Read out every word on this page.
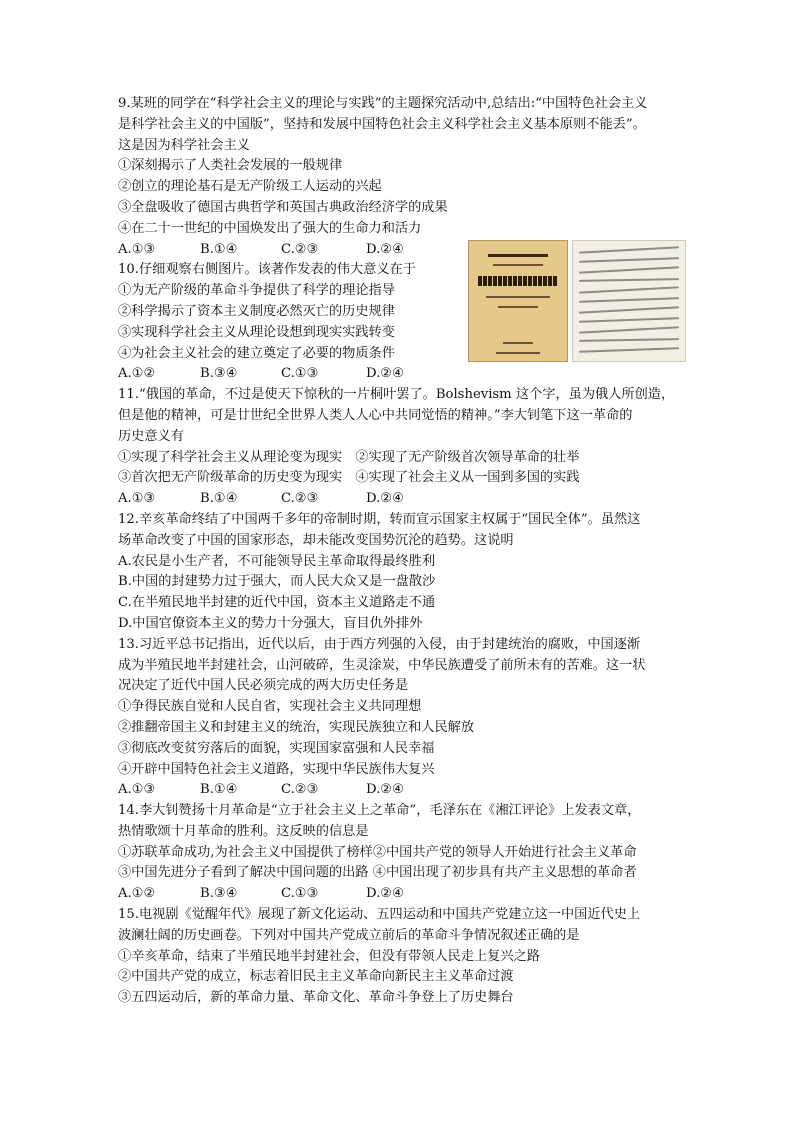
9.某班的同学在“科学社会主义的理论与实践”的主题探究活动中,总结出:“中国特色社会主义
是科学社会主义的中国版”，坚持和发展中国特色社会主义科学社会主义基本原则不能丢”。
这是因为科学社会主义
①深刻揭示了人类社会发展的一般规律
②创立的理论基石是无产阶级工人运动的兴起
③全盘吸收了德国古典哲学和英国古典政治经济学的成果
④在二十一世纪的中国焕发出了强大的生命力和活力
A.①③	B.①④	C.②③	D.②④
10.仔细观察右侧图片。该著作发表的伟大意义在于
①为无产阶级的革命斗争提供了科学的理论指导
②科学揭示了资本主义制度必然灭亡的历史规律
③实现科学社会主义从理论设想到现实实践转变
④为社会主义社会的建立奠定了必要的物质条件
A.①②	B.③④	C.①③	D.②④
11.“俄国的革命，不过是使天下惊秋的一片桐叶罢了。Bolshevism 这个字，虽为俄人所创造，
但是他的精神，可是廿世纪全世界人类人人心中共同觉悟的精神。”李大钊笔下这一革命的
历史意义有
①实现了科学社会主义从理论变为现实　②实现了无产阶级首次领导革命的壮举
③首次把无产阶级革命的历史变为现实　④实现了社会主义从一国到多国的实践
A.①③	B.①④	C.②③	D.②④
12.辛亥革命终结了中国两千多年的帝制时期，转而宣示国家主权属于“国民全体”。虽然这
场革命改变了中国的国家形态，却未能改变国势沉沦的趋势。这说明
A.农民是小生产者，不可能领导民主革命取得最终胜利
B.中国的封建势力过于强大，而人民大众又是一盘散沙
C.在半殖民地半封建的近代中国，资本主义道路走不通
D.中国官僚资本主义的势力十分强大，盲目仇外排外
13.习近平总书记指出，近代以后，由于西方列强的入侵，由于封建统治的腐败，中国逐渐
成为半殖民地半封建社会，山河破碎，生灵涂炭，中华民族遭受了前所未有的苦难。这一状
况决定了近代中国人民必须完成的两大历史任务是
①争得民族自觉和人民自省，实现社会主义共同理想
②推翻帝国主义和封建主义的统治，实现民族独立和人民解放
③彻底改变贫穷落后的面貌，实现国家富强和人民幸福
④开辟中国特色社会主义道路，实现中华民族伟大复兴
A.①③	B.①④	C.②③	D.②④
14.李大钊赞扬十月革命是“立于社会主义上之革命”，毛泽东在《湘江评论》上发表文章，
热情歌颂十月革命的胜利。这反映的信息是
①苏联革命成功,为社会主义中国提供了榜样②中国共产党的领导人开始进行社会主义革命
③中国先进分子看到了解决中国问题的出路 ④中国出现了初步具有共产主义思想的革命者
A.①②	B.③④	C.①③	D.②④
15.电视剧《觉醒年代》展现了新文化运动、五四运动和中国共产党建立这一中国近代史上
波澜壮阔的历史画卷。下列对中国共产党成立前后的革命斗争情况叙述正确的是
①辛亥革命，结束了半殖民地半封建社会，但没有带领人民走上复兴之路
②中国共产党的成立，标志着旧民主主义革命向新民主主义革命过渡
③五四运动后，新的革命力量、革命文化、革命斗争登上了历史舞台
